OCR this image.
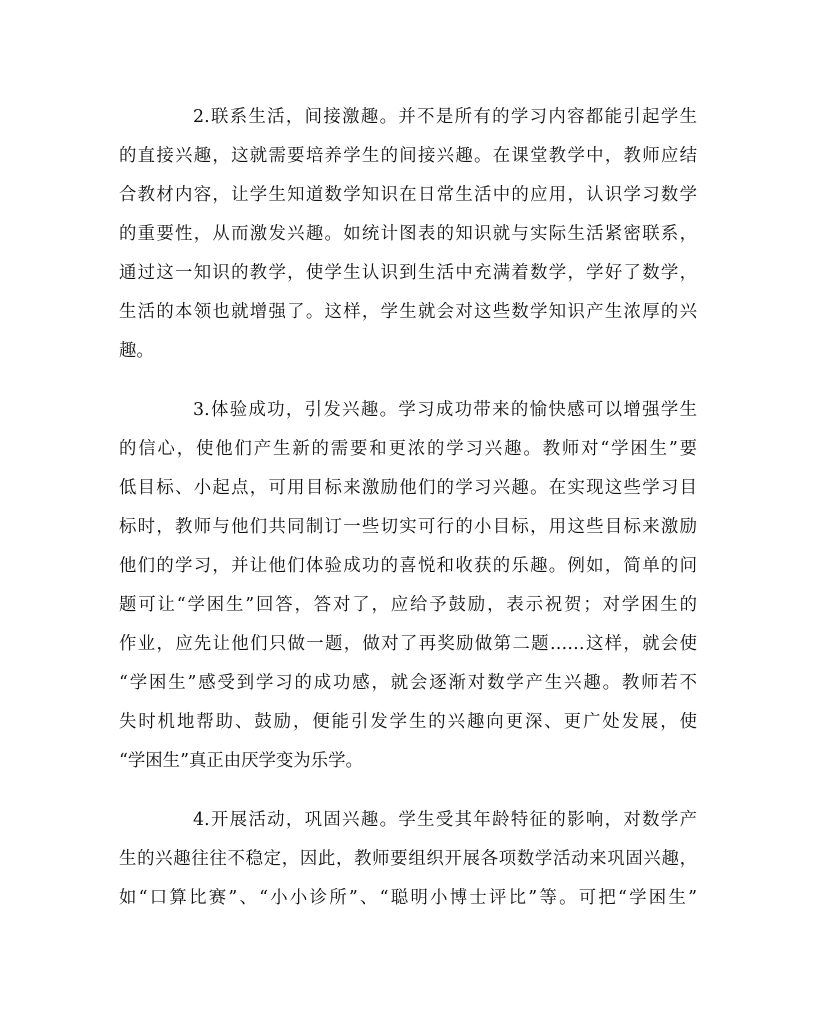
2.联系生活，间接激趣。并不是所有的学习内容都能引起学生
的直接兴趣，这就需要培养学生的间接兴趣。在课堂教学中，教师应结
合教材内容，让学生知道数学知识在日常生活中的应用，认识学习数学
的重要性，从而激发兴趣。如统计图表的知识就与实际生活紧密联系，
通过这一知识的教学，使学生认识到生活中充满着数学，学好了数学，
生活的本领也就增强了。这样，学生就会对这些数学知识产生浓厚的兴
趣。
3.体验成功，引发兴趣。学习成功带来的愉快感可以增强学生
的信心，使他们产生新的需要和更浓的学习兴趣。教师对“学困生”要
低目标、小起点，可用目标来激励他们的学习兴趣。在实现这些学习目
标时，教师与他们共同制订一些切实可行的小目标，用这些目标来激励
他们的学习，并让他们体验成功的喜悦和收获的乐趣。例如，简单的问
题可让“学困生”回答，答对了，应给予鼓励，表示祝贺；对学困生的
作业，应先让他们只做一题，做对了再奖励做第二题……这样，就会使
“学困生”感受到学习的成功感，就会逐渐对数学产生兴趣。教师若不
失时机地帮助、鼓励，便能引发学生的兴趣向更深、更广处发展，使
“学困生”真正由厌学变为乐学。
4.开展活动，巩固兴趣。学生受其年龄特征的影响，对数学产
生的兴趣往往不稳定，因此，教师要组织开展各项数学活动来巩固兴趣，
如“口算比赛”、“小小诊所”、“聪明小博士评比”等。可把“学困生”
